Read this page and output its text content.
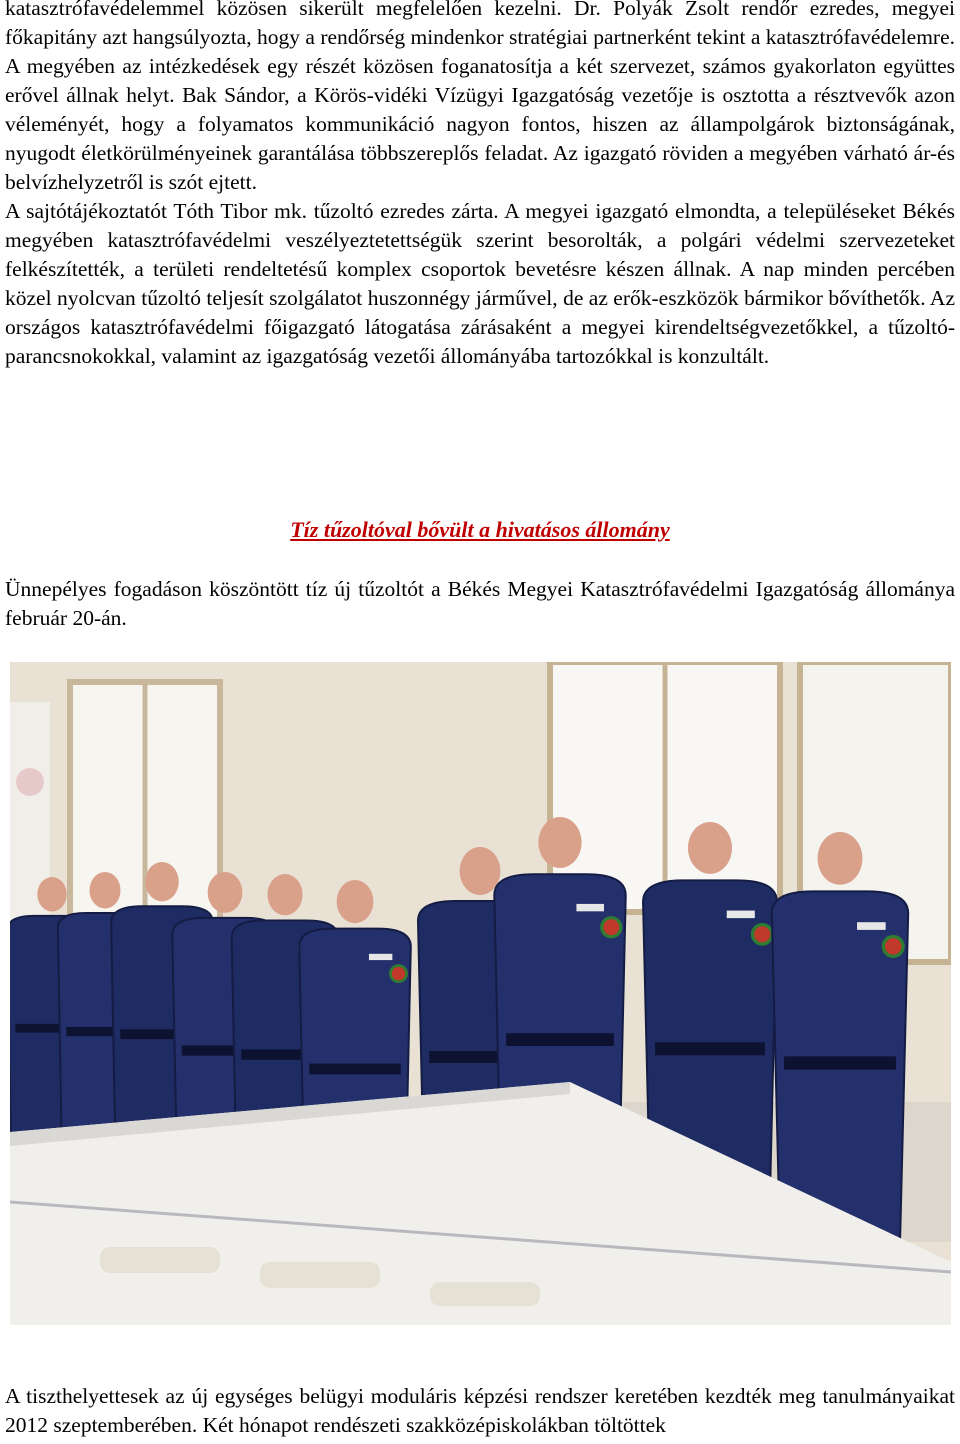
katasztrófavédelemmel közösen sikerült megfelelően kezelni. Dr. Polyák Zsolt rendőr ezredes, megyei főkapitány azt hangsúlyozta, hogy a rendőrség mindenkor stratégiai partnerként tekint a katasztrófavédelemre. A megyében az intézkedések egy részét közösen foganatosítja a két szervezet, számos gyakorlaton együttes erővel állnak helyt. Bak Sándor, a Körös-vidéki Vízügyi Igazgatóság vezetője is osztotta a résztvevők azon véleményét, hogy a folyamatos kommunikáció nagyon fontos, hiszen az állampolgárok biztonságának, nyugodt életkörülményeinek garantálása többszereplős feladat. Az igazgató röviden a megyében várható ár-és belvízhelyzetről is szót ejtett.
A sajtótájékoztatót Tóth Tibor mk. tűzoltó ezredes zárta. A megyei igazgató elmondta, a településeket Békés megyében katasztrófavédelmi veszélyeztetettségük szerint besorolták, a polgári védelmi szervezeteket felkészítették, a területi rendeltetésű komplex csoportok bevetésre készen állnak. A nap minden percében közel nyolcvan tűzoltó teljesít szolgálatot huszonnégy járművel, de az erők-eszközök bármikor bővíthetők. Az országos katasztrófavédelmi főigazgató látogatása zárásaként a megyei kirendeltségvezetőkkel, a tűzoltó-parancsnokokkal, valamint az igazgatóság vezetői állományába tartozókkal is konzultált.
Tíz tűzoltóval bővült a hivatásos állomány

Ünnepélyes fogadáson köszöntött tíz új tűzoltót a Békés Megyei Katasztrófavédelmi Igazgatóság állománya február 20-án.

A tiszthelyettesek az új egységes belügyi moduláris képzési rendszer keretében kezdték meg tanulmányaikat 2012 szeptemberében. Két hónapot rendészeti szakközépiskolákban töltöttek
